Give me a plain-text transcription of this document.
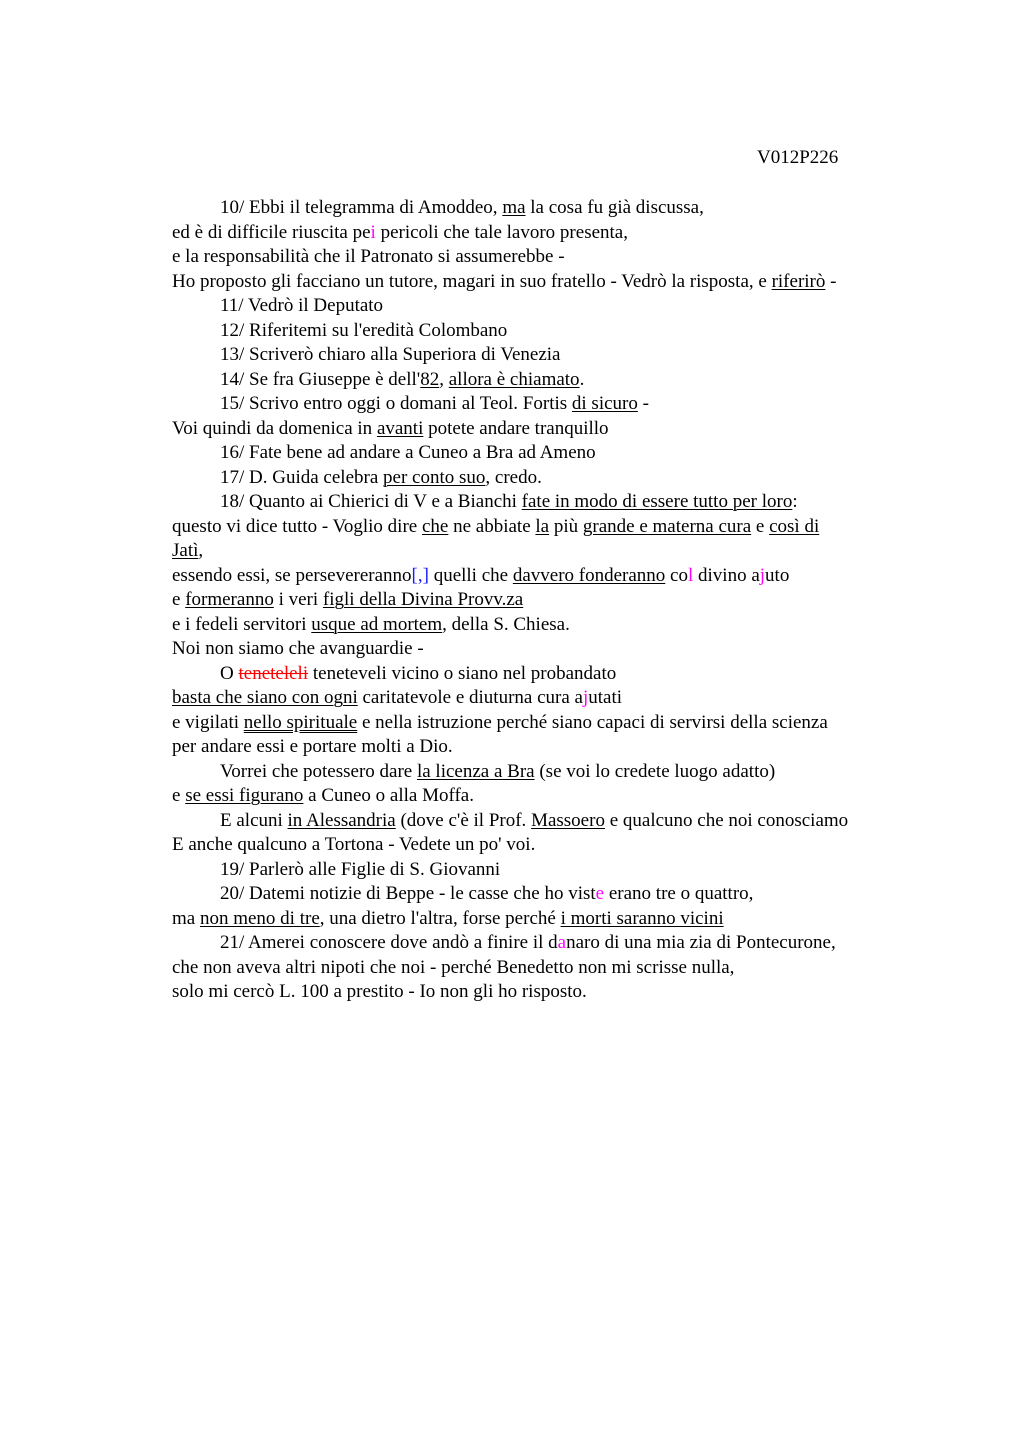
V012P226
10/ Ebbi il telegramma di Amoddeo, ma la cosa fu già discussa,
ed è di difficile riuscita pei pericoli che tale lavoro presenta,
e la responsabilità che il Patronato si assumerebbe -
Ho proposto gli facciano un tutore, magari in suo fratello - Vedrò la risposta, e riferirò -
11/ Vedrò il Deputato
12/ Riferitemi su l'eredità Colombano
13/ Scriverò chiaro alla Superiora di Venezia
14/ Se fra Giuseppe è dell'82, allora è chiamato.
15/ Scrivo entro oggi o domani al Teol. Fortis di sicuro -
Voi quindi da domenica in avanti potete andare tranquillo
16/ Fate bene ad andare a Cuneo a Bra ad Ameno
17/ D. Guida celebra per conto suo, credo.
18/ Quanto ai Chierici di V e a Bianchi fate in modo di essere tutto per loro:
questo vi dice tutto - Voglio dire che ne abbiate la più grande e materna cura e così di
Jatì,
essendo essi, se persevereranno[,] quelli che davvero fonderanno col divino ajuto
e formeranno i veri figli della Divina Provv.za
e i fedeli servitori usque ad mortem, della S. Chiesa.
Noi non siamo che avanguardie -
O teneteleli teneteveli vicino o siano nel probandato
basta che siano con ogni caritatevole e diuturna cura ajutati
e vigilati nello spirituale e nella istruzione perché siano capaci di servirsi della scienza
per andare essi e portare molti a Dio.
Vorrei che potessero dare la licenza a Bra (se voi lo credete luogo adatto)
e se essi figurano a Cuneo o alla Moffa.
E alcuni in Alessandria (dove c'è il Prof. Massoero e qualcuno che noi conosciamo
E anche qualcuno a Tortona - Vedete un po' voi.
19/ Parlerò alle Figlie di S. Giovanni
20/ Datemi notizie di Beppe - le casse che ho viste erano tre o quattro,
ma non meno di tre, una dietro l'altra, forse perché i morti saranno vicini
21/ Amerei conoscere dove andò a finire il danaro di una mia zia di Pontecurone,
che non aveva altri nipoti che noi - perché Benedetto non mi scrisse nulla,
solo mi cercò L. 100 a prestito - Io non gli ho risposto.
